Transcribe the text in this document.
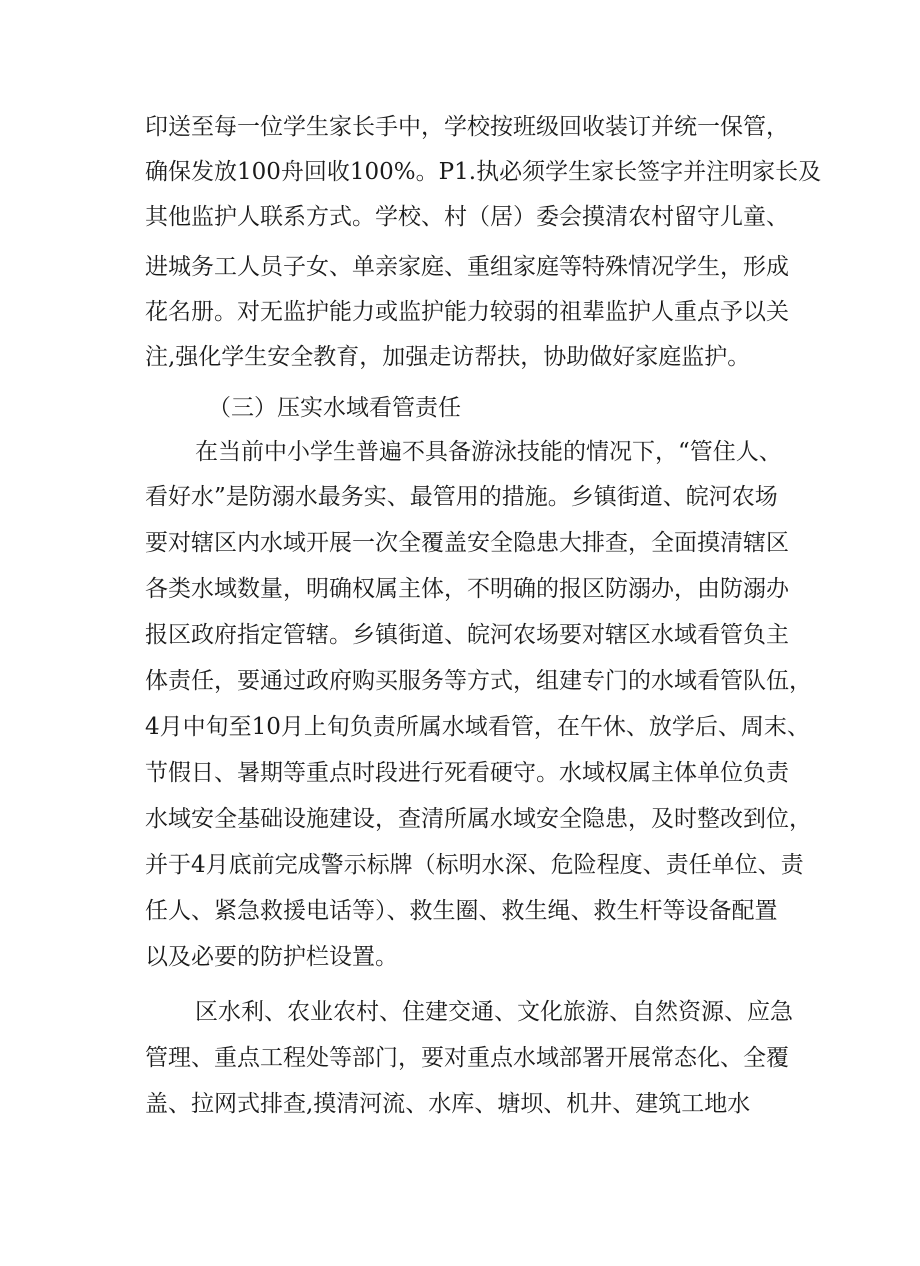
印送至每一位学生家长手中，学校按班级回收装订并统一保管，
确保发放100舟回收100%。P1.执必须学生家长签字并注明家长及
其他监护人联系方式。学校、村（居）委会摸清农村留守儿童、
进城务工人员子女、单亲家庭、重组家庭等特殊情况学生，形成
花名册。对无监护能力或监护能力较弱的祖辈监护人重点予以关
注,强化学生安全教育，加强走访帮扶，协助做好家庭监护。
（三）压实水域看管责任
在当前中小学生普遍不具备游泳技能的情况下，“管住人、
看好水”是防溺水最务实、最管用的措施。乡镇街道、皖河农场
要对辖区内水域开展一次全覆盖安全隐患大排查，全面摸清辖区
各类水域数量，明确权属主体，不明确的报区防溺办，由防溺办
报区政府指定管辖。乡镇街道、皖河农场要对辖区水域看管负主
体责任，要通过政府购买服务等方式，组建专门的水域看管队伍，
4月中旬至10月上旬负责所属水域看管，在午休、放学后、周末、
节假日、暑期等重点时段进行死看硬守。水域权属主体单位负责
水域安全基础设施建设，查清所属水域安全隐患，及时整改到位，
并于4月底前完成警示标牌（标明水深、危险程度、责任单位、责
任人、紧急救援电话等）、救生圈、救生绳、救生杆等设备配置
以及必要的防护栏设置。
区水利、农业农村、住建交通、文化旅游、自然资源、应急
管理、重点工程处等部门，要对重点水域部署开展常态化、全覆
盖、拉网式排查,摸清河流、水库、塘坝、机井、建筑工地水
